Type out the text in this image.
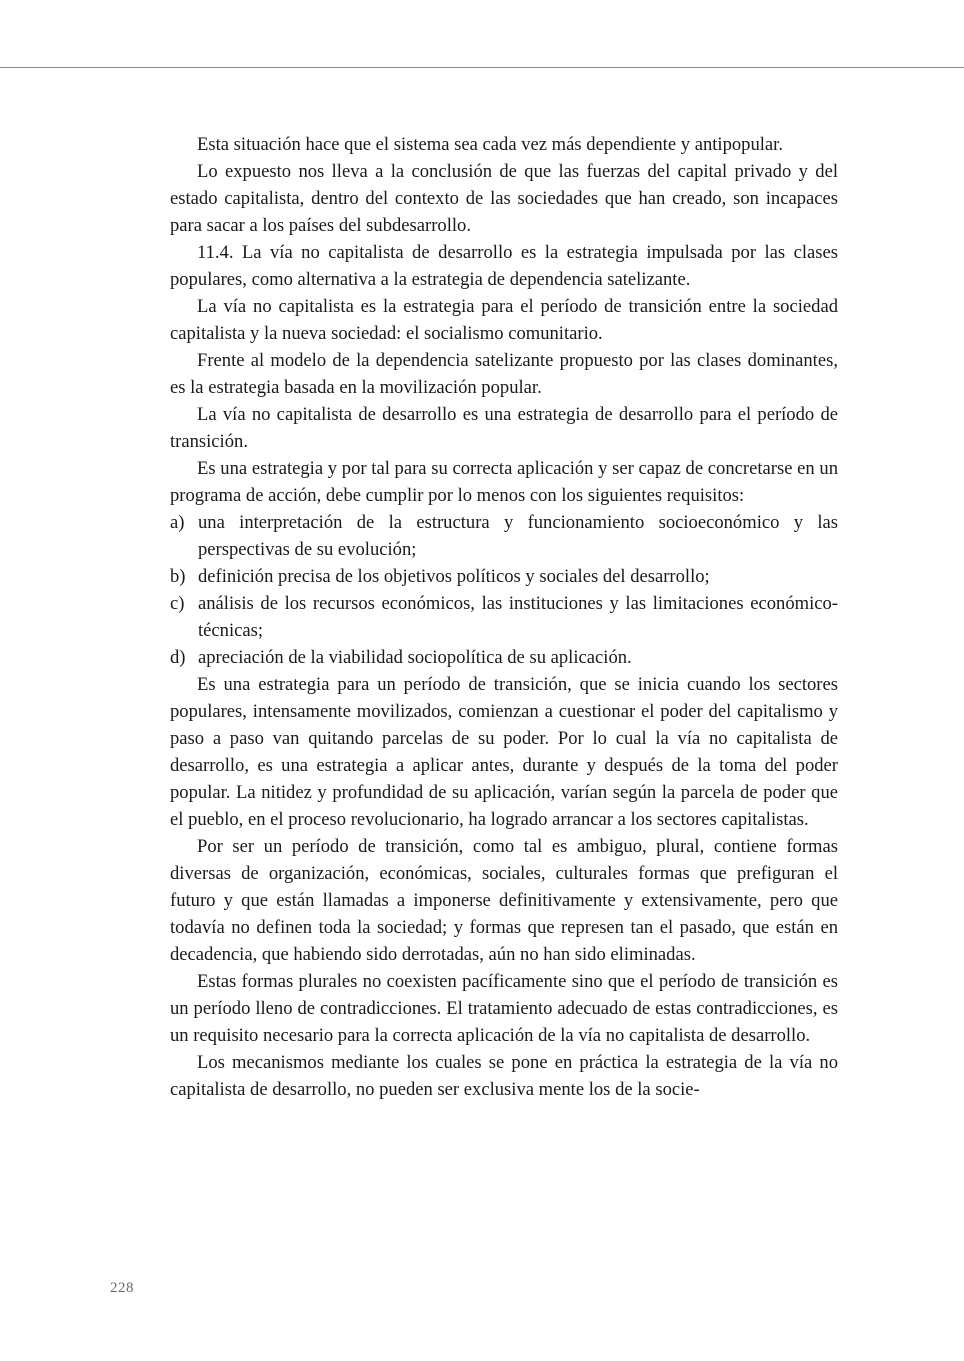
Esta situación hace que el sistema sea cada vez más dependiente y antipopular.

Lo expuesto nos lleva a la conclusión de que las fuerzas del capital privado y del estado capitalista, dentro del contexto de las sociedades que han creado, son incapaces para sacar a los países del subdesarrollo.

11.4. La vía no capitalista de desarrollo es la estrategia impulsada por las clases populares, como alternativa a la estrategia de dependencia satelizante.

La vía no capitalista es la estrategia para el período de transición entre la sociedad capitalista y la nueva sociedad: el socialismo comunitario.

Frente al modelo de la dependencia satelizante propuesto por las clases dominantes, es la estrategia basada en la movilización popular.

La vía no capitalista de desarrollo es una estrategia de desarrollo para el período de transición.

Es una estrategia y por tal para su correcta aplicación y ser capaz de concretarse en un programa de acción, debe cumplir por lo menos con los siguientes requisitos:

a) una interpretación de la estructura y funcionamiento socioeconómico y las perspectivas de su evolución;
b) definición precisa de los objetivos políticos y sociales del desarrollo;
c) análisis de los recursos económicos, las instituciones y las limitaciones económico-técnicas;
d) apreciación de la viabilidad sociopolítica de su aplicación.

Es una estrategia para un período de transición, que se inicia cuando los sectores populares, intensamente movilizados, comienzan a cuestionar el poder del capitalismo y paso a paso van quitando parcelas de su poder. Por lo cual la vía no capitalista de desarrollo, es una estrategia a aplicar antes, durante y después de la toma del poder popular. La nitidez y profundidad de su aplicación, varían según la parcela de poder que el pueblo, en el proceso revolucionario, ha logrado arrancar a los sectores capitalistas.

Por ser un período de transición, como tal es ambiguo, plural, contiene formas diversas de organización, económicas, sociales, culturales formas que prefiguran el futuro y que están llamadas a imponerse definitivamente y extensivamente, pero que todavía no definen toda la sociedad; y formas que represen tan el pasado, que están en decadencia, que habiendo sido derrotadas, aún no han sido eliminadas.

Estas formas plurales no coexisten pacíficamente sino que el período de transición es un período lleno de contradicciones. El tratamiento adecuado de estas contradicciones, es un requisito necesario para la correcta aplicación de la vía no capitalista de desarrollo.

Los mecanismos mediante los cuales se pone en práctica la estrategia de la vía no capitalista de desarrollo, no pueden ser exclusiva mente los de la socie-

228
